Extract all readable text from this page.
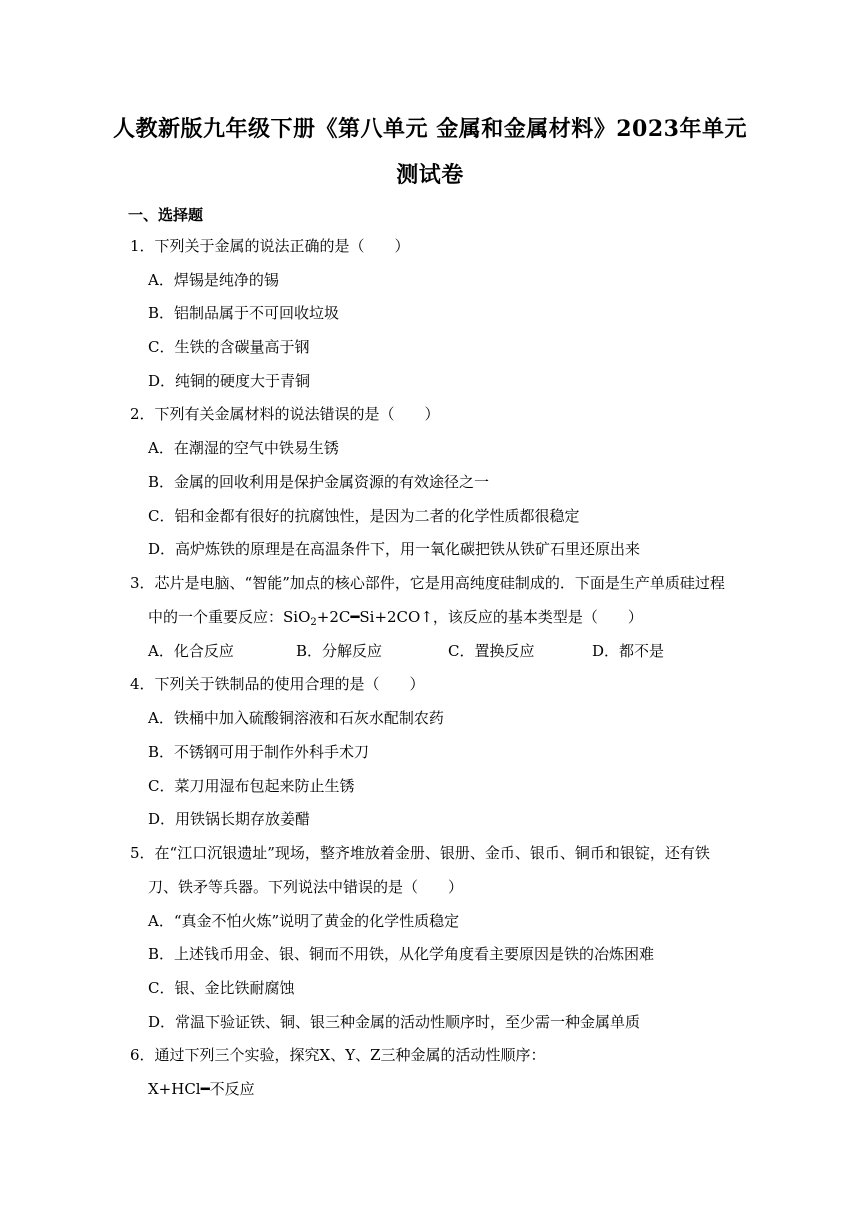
人教新版九年级下册《第八单元 金属和金属材料》2023年单元
测试卷
一、选择题
1．下列关于金属的说法正确的是（　　）
A．焊锡是纯净的锡
B．铝制品属于不可回收垃圾
C．生铁的含碳量高于钢
D．纯铜的硬度大于青铜
2．下列有关金属材料的说法错误的是（　　）
A．在潮湿的空气中铁易生锈
B．金属的回收利用是保护金属资源的有效途径之一
C．铝和金都有很好的抗腐蚀性，是因为二者的化学性质都很稳定
D．高炉炼铁的原理是在高温条件下，用一氧化碳把铁从铁矿石里还原出来
3．芯片是电脑、“智能”加点的核心部件，它是用高纯度硅制成的．下面是生产单质硅过程
中的一个重要反应：SiO$_2$+2C━Si+2CO↑，该反应的基本类型是（　　）
A．化合反应	B．分解反应	C．置换反应	D．都不是
4．下列关于铁制品的使用合理的是（　　）
A．铁桶中加入硫酸铜溶液和石灰水配制农药
B．不锈钢可用于制作外科手术刀
C．菜刀用湿布包起来防止生锈
D．用铁锅长期存放姜醋
5．在“江口沉银遗址”现场，整齐堆放着金册、银册、金币、银币、铜币和银锭，还有铁
刀、铁矛等兵器。下列说法中错误的是（　　）
A．“真金不怕火炼”说明了黄金的化学性质稳定
B．上述钱币用金、银、铜而不用铁，从化学角度看主要原因是铁的冶炼困难
C．银、金比铁耐腐蚀
D．常温下验证铁、铜、银三种金属的活动性顺序时，至少需一种金属单质
6．通过下列三个实验，探究X、Y、Z三种金属的活动性顺序：
X+HCl━不反应
